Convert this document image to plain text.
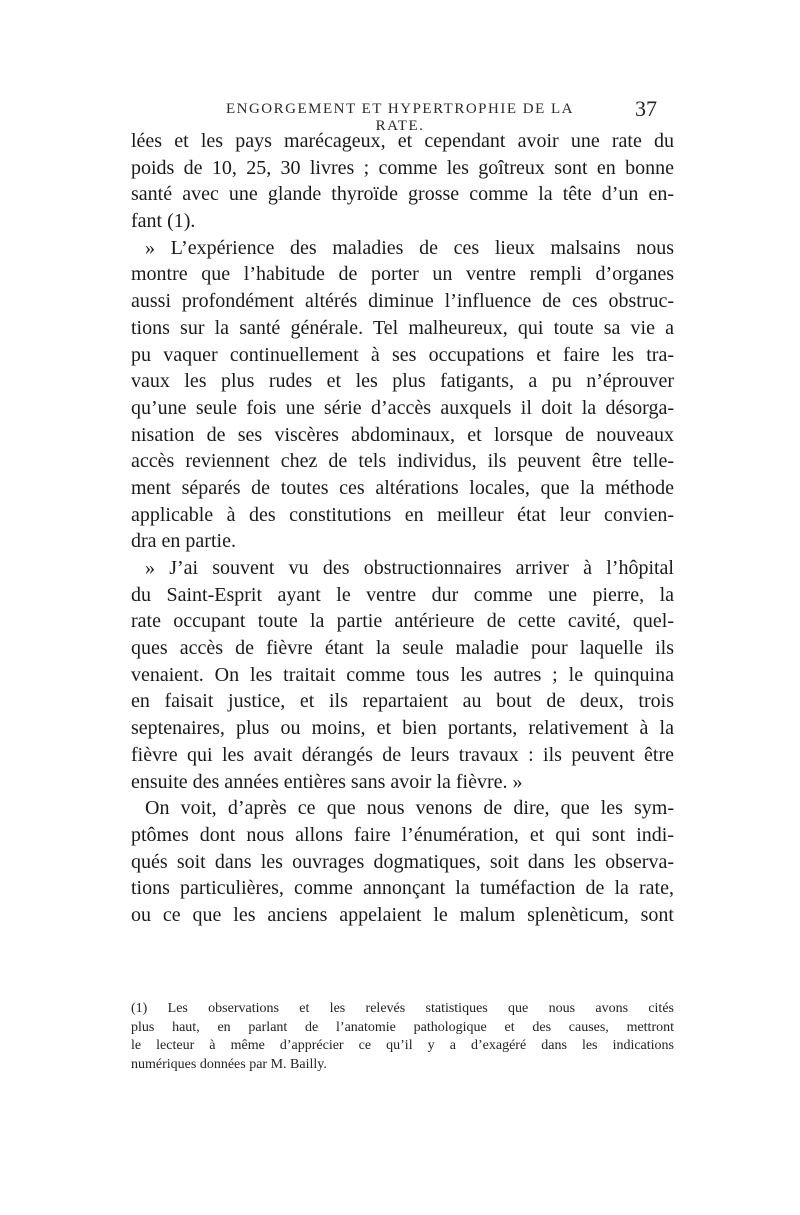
ENGORGEMENT ET HYPERTROPHIE DE LA RATE.
37
lées et les pays marécageux, et cependant avoir une rate du
poids de 10, 25, 30 livres ; comme les goîtreux sont en bonne
santé avec une glande thyroïde grosse comme la tête d’un en-
fant (1).
» L’expérience des maladies de ces lieux malsains nous
montre que l’habitude de porter un ventre rempli d’organes
aussi profondément altérés diminue l’influence de ces obstruc-
tions sur la santé générale. Tel malheureux, qui toute sa vie a
pu vaquer continuellement à ses occupations et faire les tra-
vaux les plus rudes et les plus fatigants, a pu n’éprouver
qu’une seule fois une série d’accès auxquels il doit la désorga-
nisation de ses viscères abdominaux, et lorsque de nouveaux
accès reviennent chez de tels individus, ils peuvent être telle-
ment séparés de toutes ces altérations locales, que la méthode
applicable à des constitutions en meilleur état leur convien-
dra en partie.
» J’ai souvent vu des obstructionnaires arriver à l’hôpital
du Saint-Esprit ayant le ventre dur comme une pierre, la
rate occupant toute la partie antérieure de cette cavité, quel-
ques accès de fièvre étant la seule maladie pour laquelle ils
venaient. On les traitait comme tous les autres ; le quinquina
en faisait justice, et ils repartaient au bout de deux, trois
septenaires, plus ou moins, et bien portants, relativement à la
fièvre qui les avait dérangés de leurs travaux : ils peuvent être
ensuite des années entières sans avoir la fièvre. »
On voit, d’après ce que nous venons de dire, que les sym-
ptômes dont nous allons faire l’énumération, et qui sont indi-
qués soit dans les ouvrages dogmatiques, soit dans les observa-
tions particulières, comme annonçant la tuméfaction de la rate,
ou ce que les anciens appelaient le malum splenèticum, sont
(1) Les observations et les relevés statistiques que nous avons cités
plus haut, en parlant de l’anatomie pathologique et des causes, mettront
le lecteur à même d’apprécier ce qu’il y a d’exagéré dans les indications
numériques données par M. Bailly.
